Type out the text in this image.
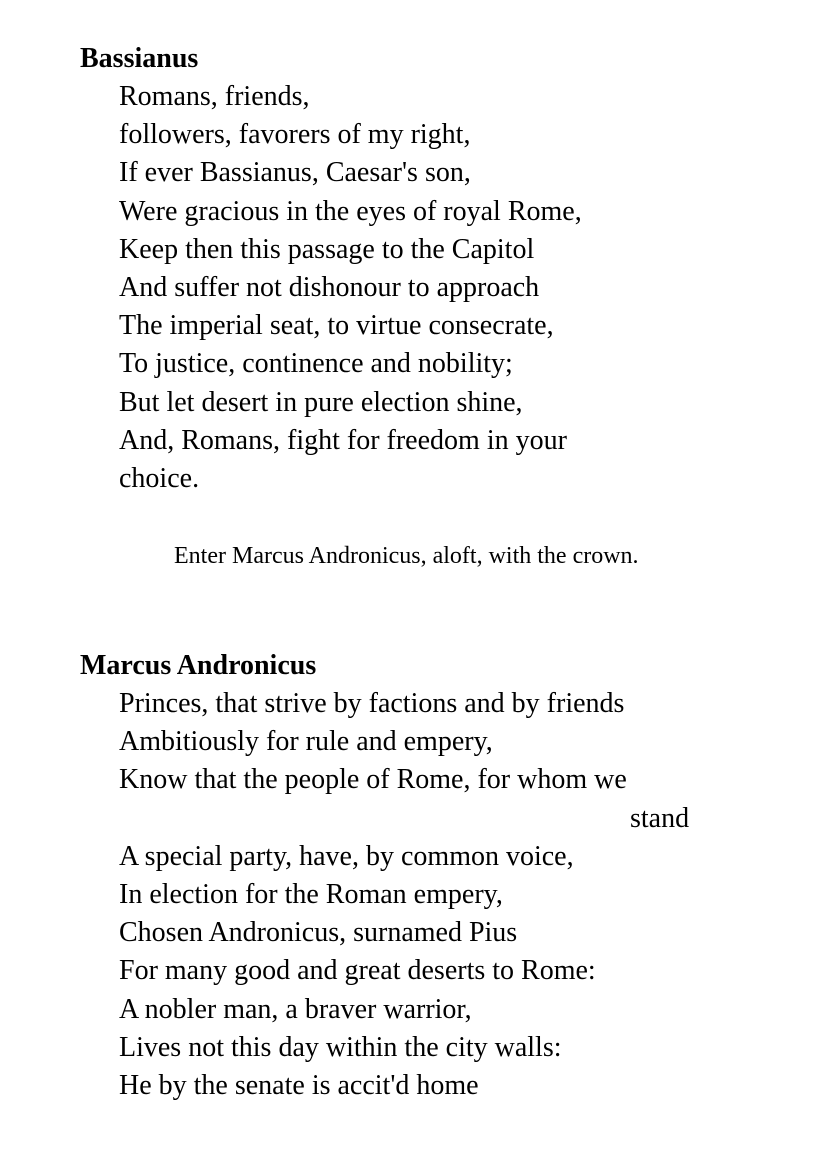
Bassianus
Romans, friends,
followers, favorers of my right,
If ever Bassianus, Caesar's son,
Were gracious in the eyes of royal Rome,
Keep then this passage to the Capitol
And suffer not dishonour to approach
The imperial seat, to virtue consecrate,
To justice, continence and nobility;
But let desert in pure election shine,
And, Romans, fight for freedom in your
choice.
Enter Marcus Andronicus, aloft, with the crown.
Marcus Andronicus
Princes, that strive by factions and by friends
Ambitiously for rule and empery,
Know that the people of Rome, for whom we
stand
A special party, have, by common voice,
In election for the Roman empery,
Chosen Andronicus, surnamed Pius
For many good and great deserts to Rome:
A nobler man, a braver warrior,
Lives not this day within the city walls:
He by the senate is accit'd home
